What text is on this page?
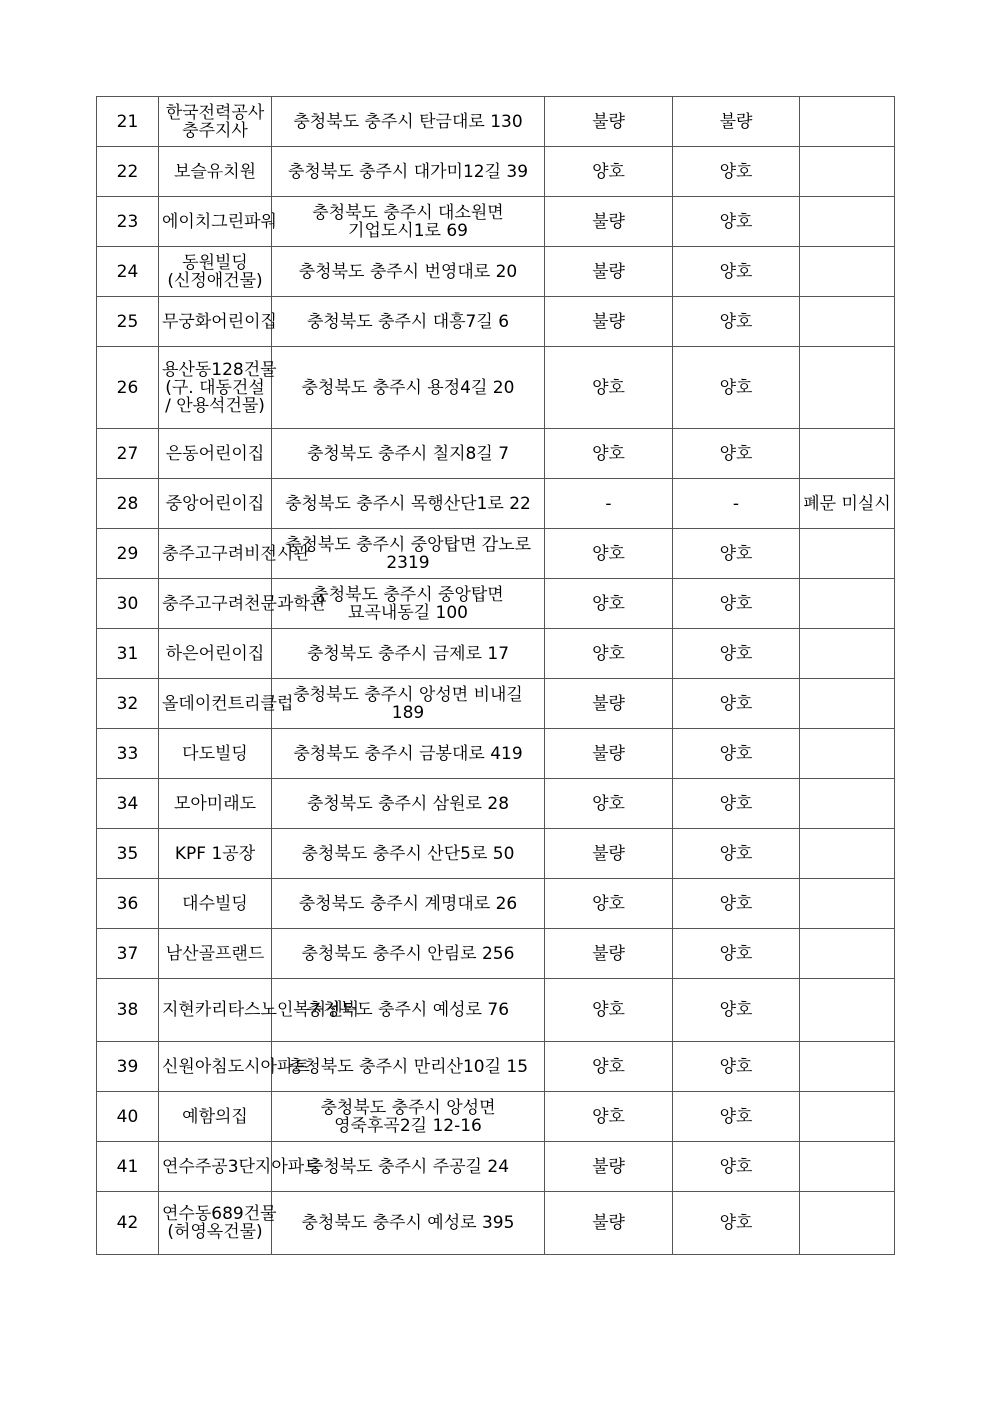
21	한국전력공사 충주지사	충청북도 충주시 탄금대로 130	불량	불량	
22	보슬유치원	충청북도 충주시 대가미12길 39	양호	양호	
23	에이치그린파워	충청북도 충주시 대소원면 기업도시1로 69	불량	양호	
24	동원빌딩(신정애건물)	충청북도 충주시 번영대로 20	불량	양호	
25	무궁화어린이집	충청북도 충주시 대흥7길 6	불량	양호	
26	용산동128건물(구. 대동건설 / 안용석건물)	충청북도 충주시 용정4길 20	양호	양호	
27	은동어린이집	충청북도 충주시 칠지8길 7	양호	양호	
28	중앙어린이집	충청북도 충주시 목행산단1로 22	-	-	폐문 미실시
29	충주고구려비전시관	충청북도 충주시 중앙탑면 감노로 2319	양호	양호	
30	충주고구려천문과학관	충청북도 충주시 중앙탑면 묘곡내동길 100	양호	양호	
31	하은어린이집	충청북도 충주시 금제로 17	양호	양호	
32	올데이컨트리클럽	충청북도 충주시 앙성면 비내길 189	불량	양호	
33	다도빌딩	충청북도 충주시 금봉대로 419	불량	양호	
34	모아미래도	충청북도 충주시 삼원로 28	양호	양호	
35	KPF 1공장	충청북도 충주시 산단5로 50	불량	양호	
36	대수빌딩	충청북도 충주시 계명대로 26	양호	양호	
37	남산골프랜드	충청북도 충주시 안림로 256	불량	양호	
38	지현카리타스노인복지센터	충청북도 충주시 예성로 76	양호	양호	
39	신원아침도시아파트	충청북도 충주시 만리산10길 15	양호	양호	
40	예함의집	충청북도 충주시 앙성면 영죽후곡2길 12-16	양호	양호	
41	연수주공3단지아파트	충청북도 충주시 주공길 24	불량	양호	
42	연수동689건물(허영옥건물)	충청북도 충주시 예성로 395	불량	양호	
